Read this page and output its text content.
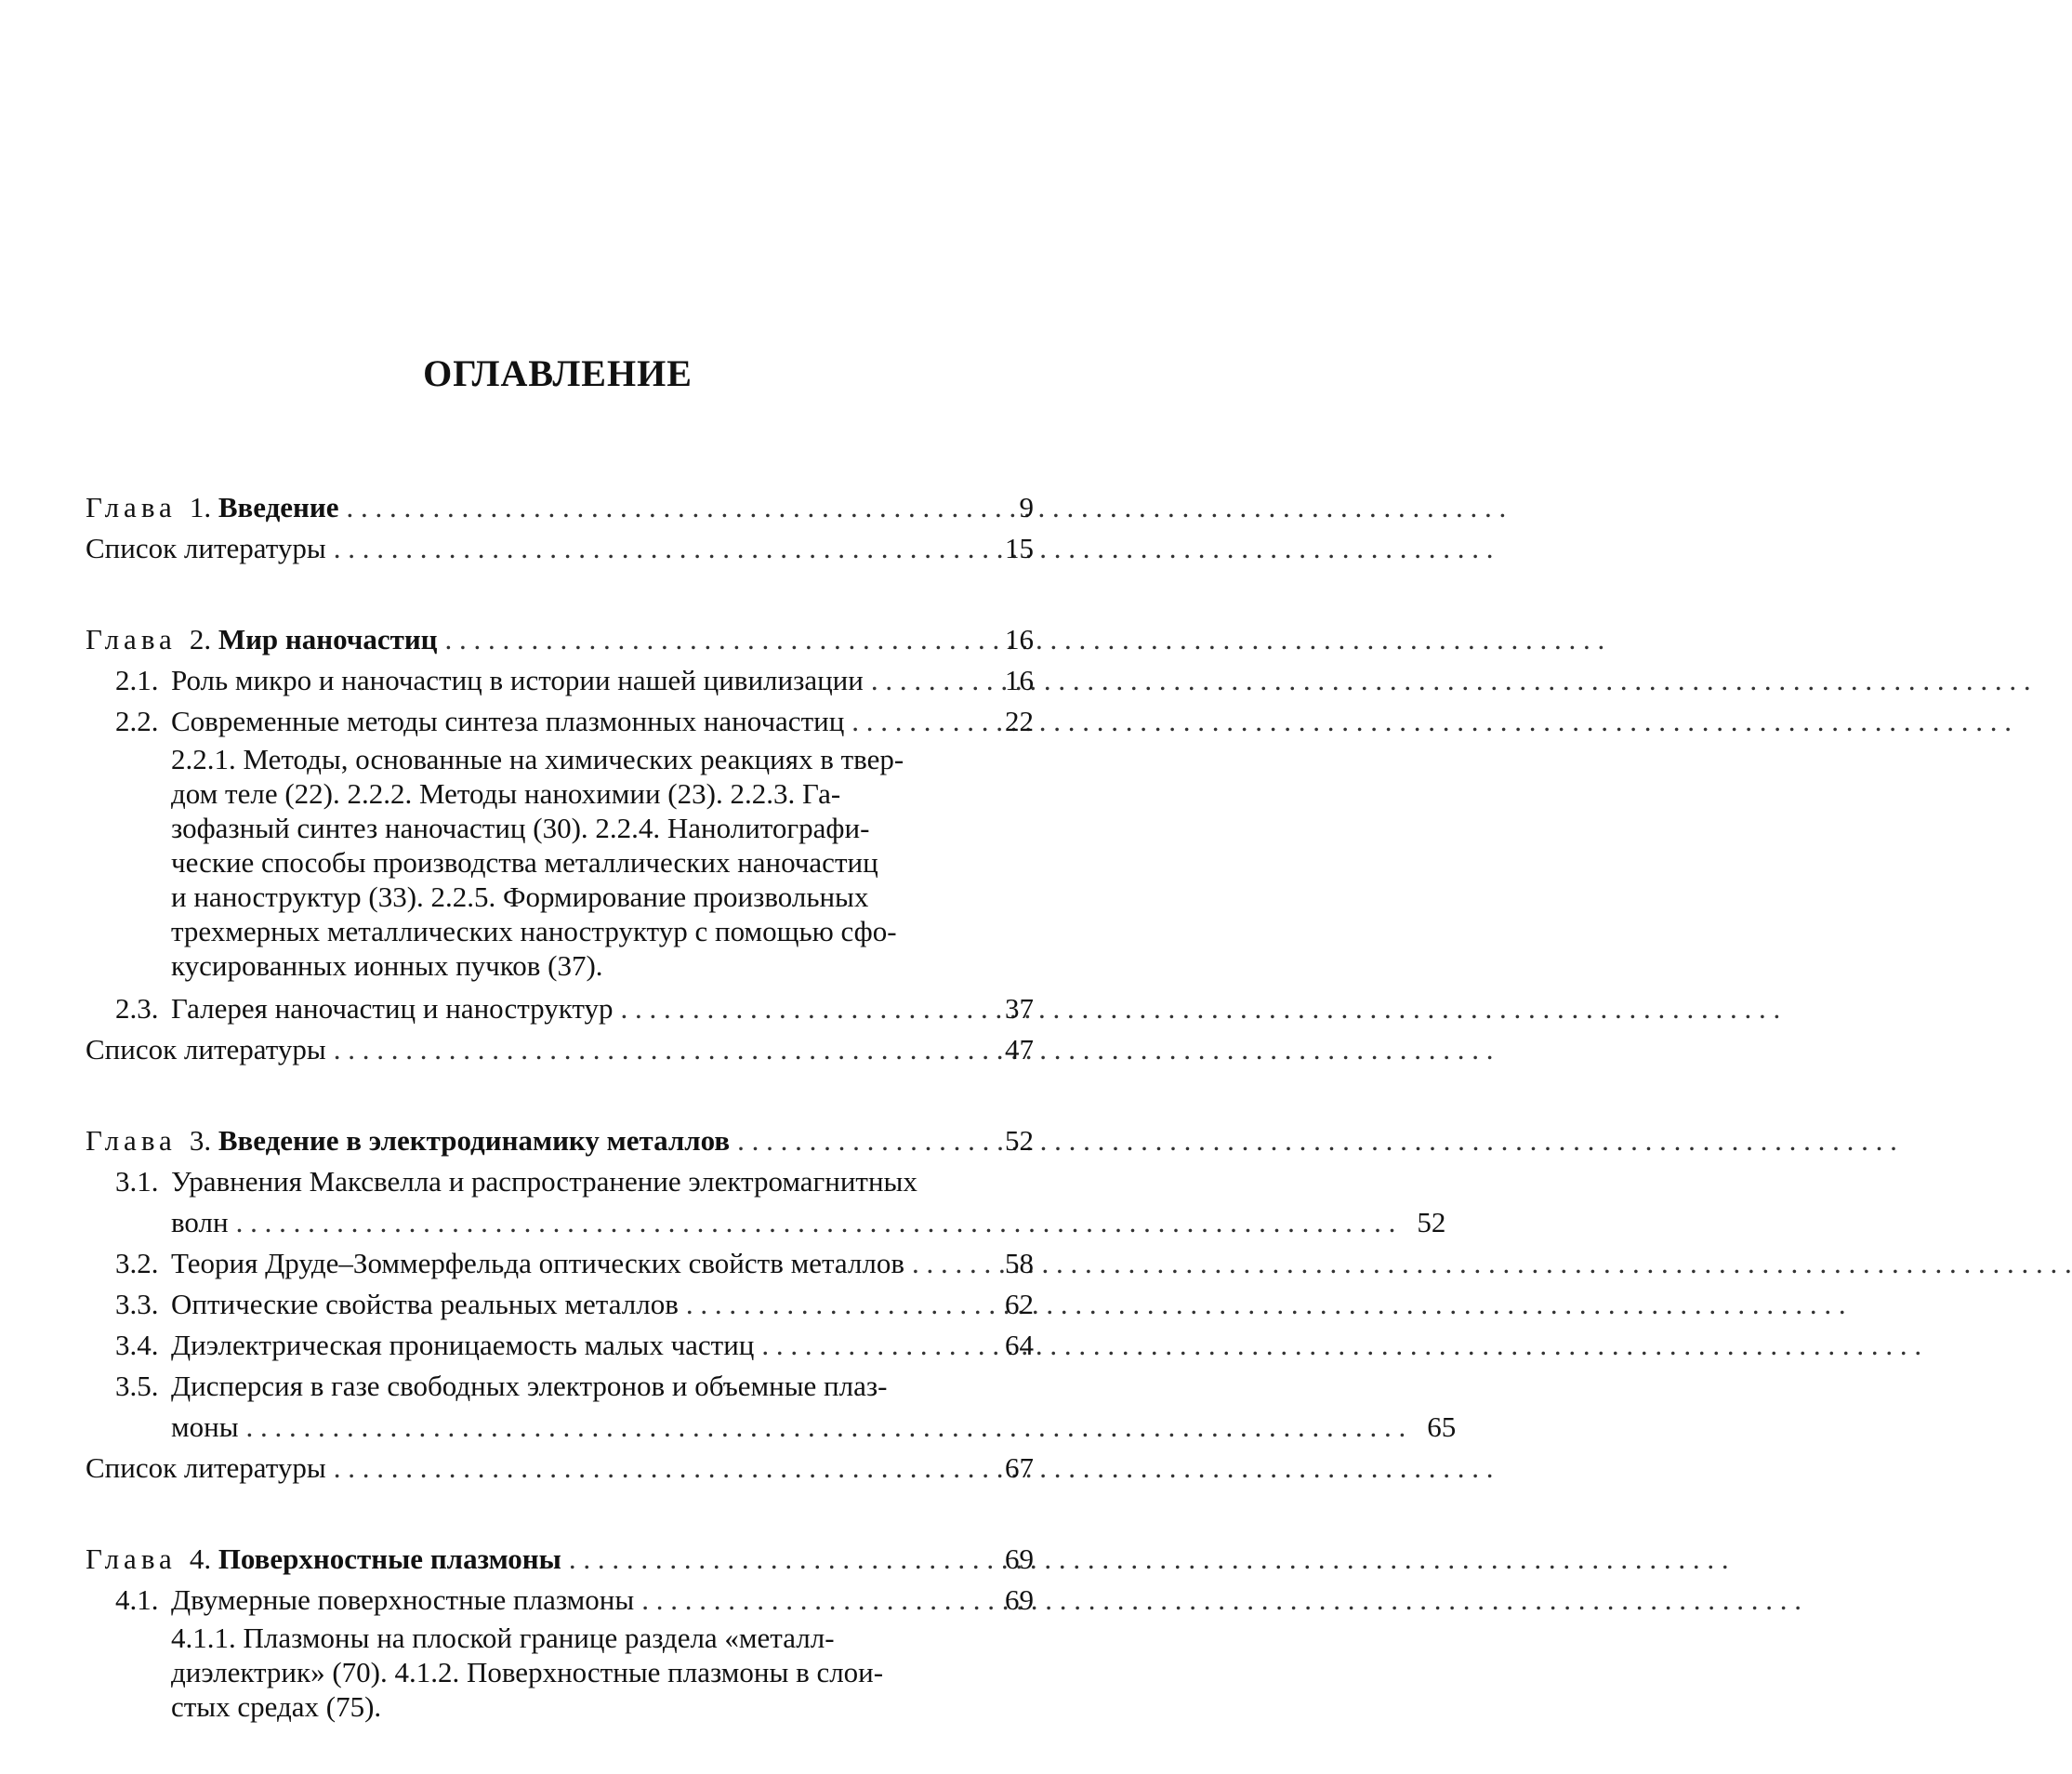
ОГЛАВЛЕНИЕ
Глава 1.
Введение
. . .	9
Список литературы
. . .	15
Глава 2.
Мир наночастиц
. . .	16
2.1. Роль микро и наночастиц в истории нашей цивилизации
. . .	16
2.2. Современные методы синтеза плазмонных наночастиц
. . .	22
2.2.1. Методы, основанные на химических реакциях в твер-
дом теле (22). 2.2.2. Методы нанохимии (23). 2.2.3. Га-
зофазный синтез наночастиц (30). 2.2.4. Нанолитографи-
ческие способы производства металлических наночастиц
и наноструктур (33). 2.2.5. Формирование произвольных
трехмерных металлических наноструктур с помощью сфо-
кусированных ионных пучков (37).
2.3. Галерея наночастиц и наноструктур
. . .	37
Список литературы
. . .	47
Глава 3.
Введение в электродинамику металлов
. . .	52
3.1. Уравнения Максвелла и распространение электромагнитных
волн
. . .	52
3.2. Теория Друде–Зоммерфельда оптических свойств металлов
. . .	58
3.3. Оптические свойства реальных металлов
. . .	62
3.4. Диэлектрическая проницаемость малых частиц
. . .	64
3.5. Дисперсия в газе свободных электронов и объемные плаз-
моны
. . .	65
Список литературы
. . .	67
Глава 4.
Поверхностные плазмоны
. . .	69
4.1. Двумерные поверхностные плазмоны
. . .	69
4.1.1. Плазмоны на плоской границе раздела «металл-
диэлектрик» (70). 4.1.2. Поверхностные плазмоны в слои-
стых средах (75).
